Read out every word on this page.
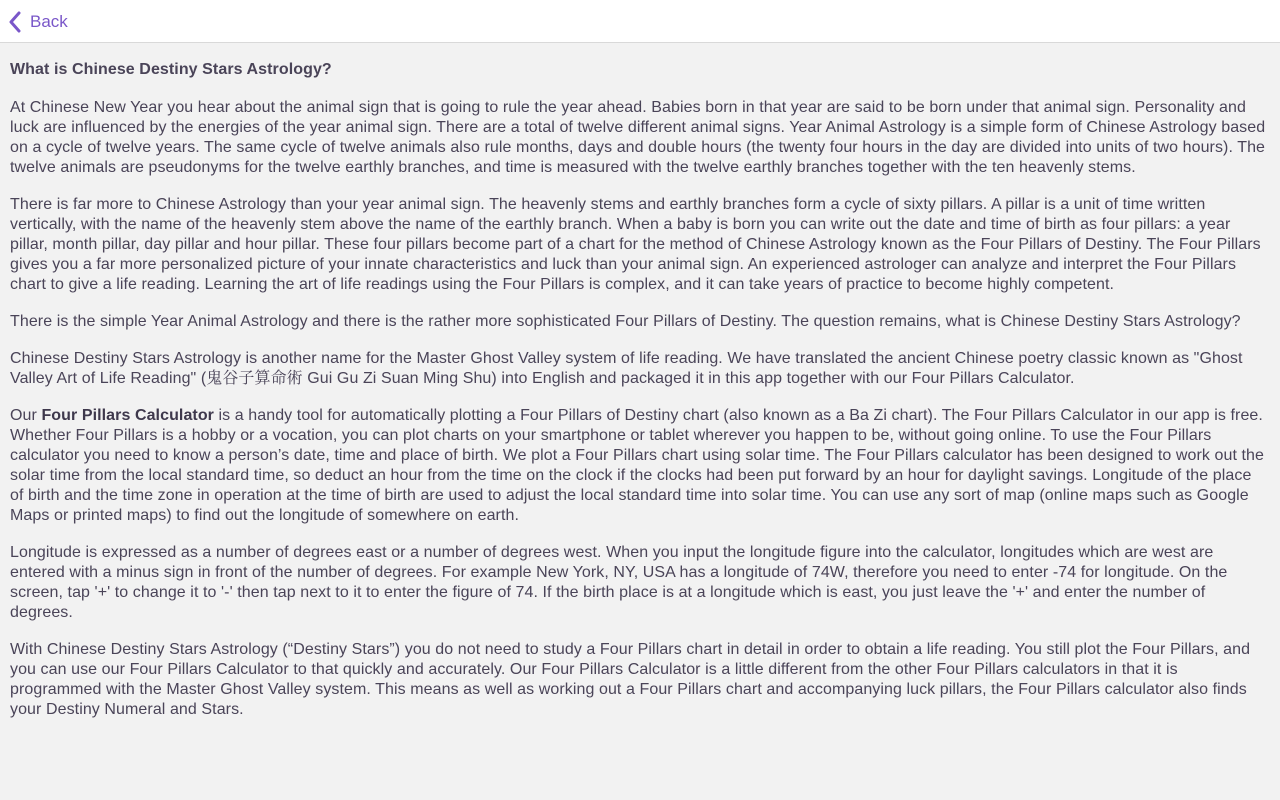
Back
What is Chinese Destiny Stars Astrology?

At Chinese New Year you hear about the animal sign that is going to rule the year ahead. Babies born in that year are said to be born under that animal sign. Personality and luck are influenced by the energies of the year animal sign. There are a total of twelve different animal signs. Year Animal Astrology is a simple form of Chinese Astrology based on a cycle of twelve years. The same cycle of twelve animals also rule months, days and double hours (the twenty four hours in the day are divided into units of two hours). The twelve animals are pseudonyms for the twelve earthly branches, and time is measured with the twelve earthly branches together with the ten heavenly stems.

There is far more to Chinese Astrology than your year animal sign. The heavenly stems and earthly branches form a cycle of sixty pillars. A pillar is a unit of time written vertically, with the name of the heavenly stem above the name of the earthly branch. When a baby is born you can write out the date and time of birth as four pillars: a year pillar, month pillar, day pillar and hour pillar. These four pillars become part of a chart for the method of Chinese Astrology known as the Four Pillars of Destiny. The Four Pillars gives you a far more personalized picture of your innate characteristics and luck than your animal sign. An experienced astrologer can analyze and interpret the Four Pillars chart to give a life reading. Learning the art of life readings using the Four Pillars is complex, and it can take years of practice to become highly competent.

There is the simple Year Animal Astrology and there is the rather more sophisticated Four Pillars of Destiny. The question remains, what is Chinese Destiny Stars Astrology?

Chinese Destiny Stars Astrology is another name for the Master Ghost Valley system of life reading. We have translated the ancient Chinese poetry classic known as "Ghost Valley Art of Life Reading" (鬼谷子算命術 Gui Gu Zi Suan Ming Shu) into English and packaged it in this app together with our Four Pillars Calculator.

Our Four Pillars Calculator is a handy tool for automatically plotting a Four Pillars of Destiny chart (also known as a Ba Zi chart). The Four Pillars Calculator in our app is free. Whether Four Pillars is a hobby or a vocation, you can plot charts on your smartphone or tablet wherever you happen to be, without going online. To use the Four Pillars calculator you need to know a person’s date, time and place of birth. We plot a Four Pillars chart using solar time. The Four Pillars calculator has been designed to work out the solar time from the local standard time, so deduct an hour from the time on the clock if the clocks had been put forward by an hour for daylight savings. Longitude of the place of birth and the time zone in operation at the time of birth are used to adjust the local standard time into solar time. You can use any sort of map (online maps such as Google Maps or printed maps) to find out the longitude of somewhere on earth.

Longitude is expressed as a number of degrees east or a number of degrees west. When you input the longitude figure into the calculator, longitudes which are west are entered with a minus sign in front of the number of degrees. For example New York, NY, USA has a longitude of 74W, therefore you need to enter -74 for longitude. On the screen, tap '+' to change it to '-' then tap next to it to enter the figure of 74. If the birth place is at a longitude which is east, you just leave the '+' and enter the number of degrees.

With Chinese Destiny Stars Astrology (“Destiny Stars”) you do not need to study a Four Pillars chart in detail in order to obtain a life reading. You still plot the Four Pillars, and you can use our Four Pillars Calculator to that quickly and accurately. Our Four Pillars Calculator is a little different from the other Four Pillars calculators in that it is programmed with the Master Ghost Valley system. This means as well as working out a Four Pillars chart and accompanying luck pillars, the Four Pillars calculator also finds your Destiny Numeral and Stars.
